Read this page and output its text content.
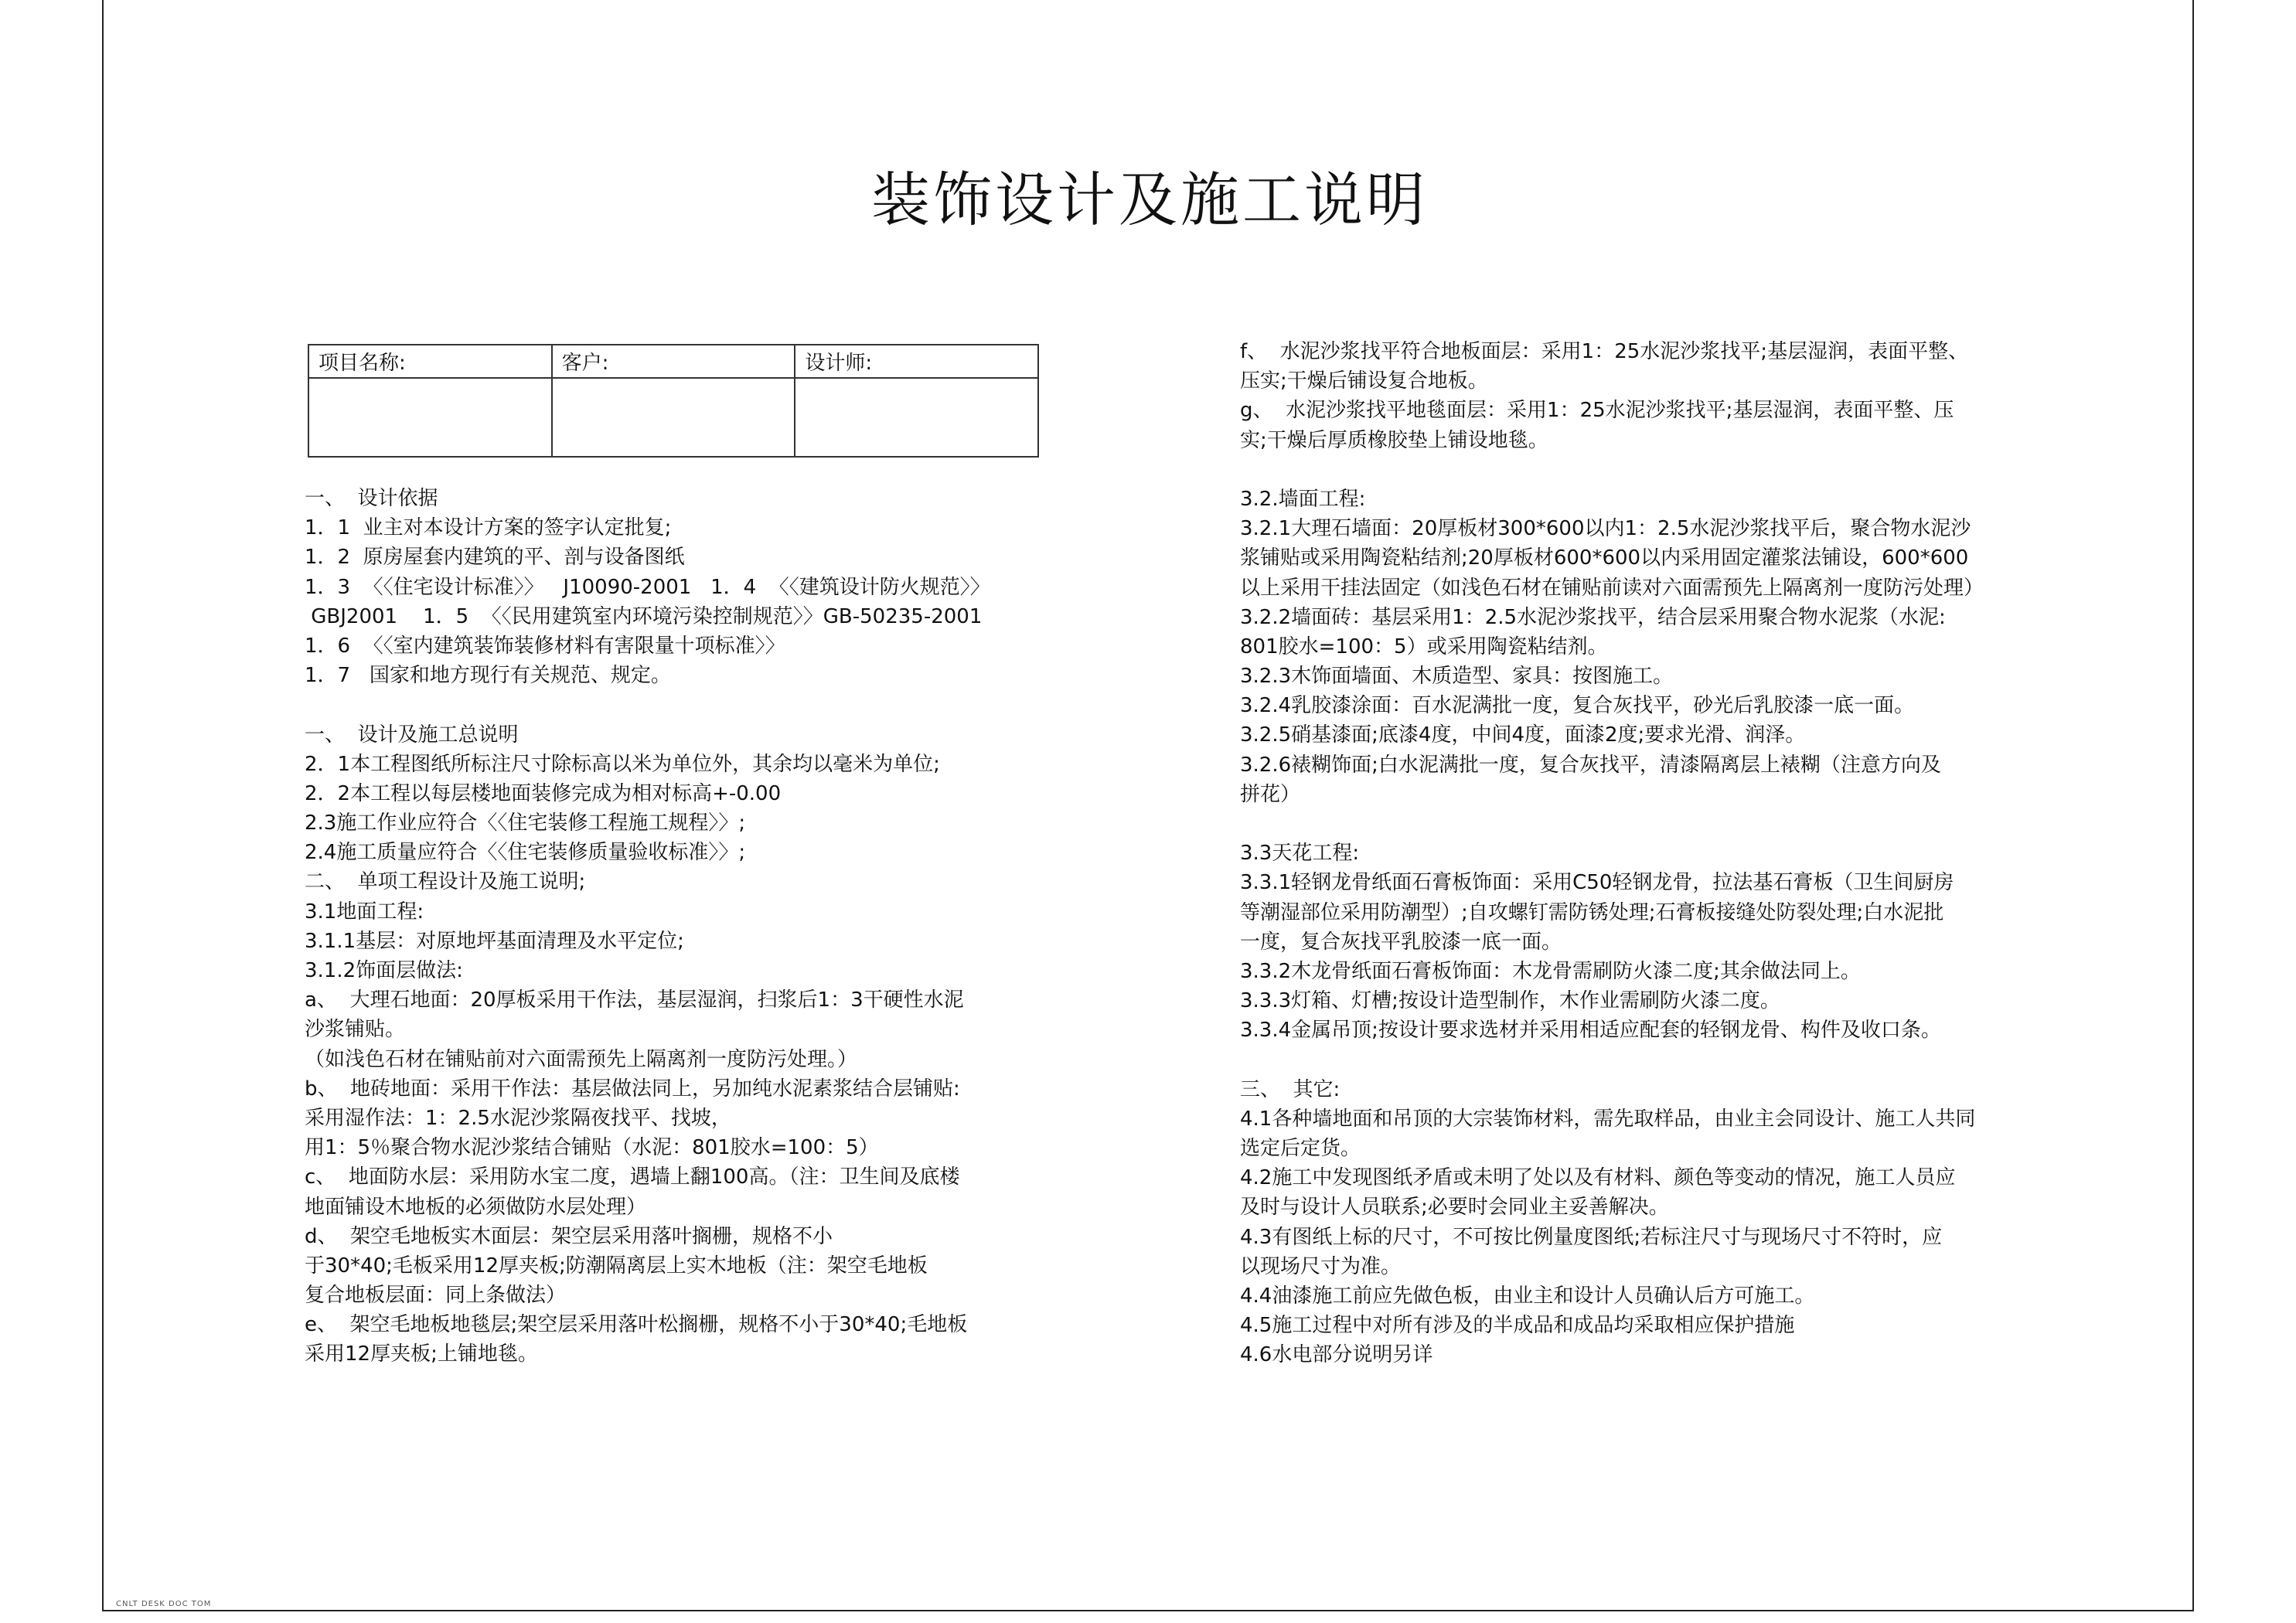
装饰设计及施工说明
项目名称:	客户:	设计师:

一、  设计依据
1．1  业主对本设计方案的签字认定批复;
1．2  原房屋套内建筑的平、剖与设备图纸
1．3  〈〈住宅设计标准〉〉   J10090-2001   1．4  〈〈建筑设计防火规范〉〉
GBJ2001    1．5  〈〈民用建筑室内环境污染控制规范〉〉GB-50235-2001
1．6  〈〈室内建筑装饰装修材料有害限量十项标准〉〉
1．7   国家和地方现行有关规范、规定。
一、  设计及施工总说明
2．1本工程图纸所标注尺寸除标高以米为单位外，其余均以毫米为单位;
2．2本工程以每层楼地面装修完成为相对标高+-0.00
2.3施工作业应符合〈〈住宅装修工程施工规程〉〉;
2.4施工质量应符合〈〈住宅装修质量验收标准〉〉;
二、  单项工程设计及施工说明;
3.1地面工程:
3.1.1基层：对原地坪基面清理及水平定位;
3.1.2饰面层做法:
a、  大理石地面：20厚板采用干作法，基层湿润，扫浆后1：3干硬性水泥
沙浆铺贴。
（如浅色石材在铺贴前对六面需预先上隔离剂一度防污处理。）
b、  地砖地面：采用干作法：基层做法同上，另加纯水泥素浆结合层铺贴:
采用湿作法：1：2.5水泥沙浆隔夜找平、找坡，
用1：5％聚合物水泥沙浆结合铺贴（水泥：801胶水=100：5）
c、  地面防水层：采用防水宝二度，遇墙上翻100高。（注：卫生间及底楼
地面铺设木地板的必须做防水层处理）
d、  架空毛地板实木面层：架空层采用落叶搁栅，规格不小
于30*40;毛板采用12厚夹板;防潮隔离层上实木地板（注：架空毛地板
复合地板层面：同上条做法）
e、  架空毛地板地毯层;架空层采用落叶松搁栅，规格不小于30*40;毛地板
采用12厚夹板;上铺地毯。
f、  水泥沙浆找平符合地板面层：采用1：25水泥沙浆找平;基层湿润，表面平整、
压实;干燥后铺设复合地板。
g、  水泥沙浆找平地毯面层：采用1：25水泥沙浆找平;基层湿润，表面平整、压
实;干燥后厚质橡胶垫上铺设地毯。
3.2.墙面工程:
3.2.1大理石墙面：20厚板材300*600以内1：2.5水泥沙浆找平后，聚合物水泥沙
浆铺贴或采用陶瓷粘结剂;20厚板材600*600以内采用固定灌浆法铺设，600*600
以上采用干挂法固定（如浅色石材在铺贴前读对六面需预先上隔离剂一度防污处理）
3.2.2墙面砖：基层采用1：2.5水泥沙浆找平，结合层采用聚合物水泥浆（水泥:
801胶水=100：5）或采用陶瓷粘结剂。
3.2.3木饰面墙面、木质造型、家具：按图施工。
3.2.4乳胶漆涂面：百水泥满批一度，复合灰找平，砂光后乳胶漆一底一面。
3.2.5硝基漆面;底漆4度，中间4度，面漆2度;要求光滑、润泽。
3.2.6裱糊饰面;白水泥满批一度，复合灰找平，清漆隔离层上裱糊（注意方向及
拼花）
3.3天花工程:
3.3.1轻钢龙骨纸面石膏板饰面：采用C50轻钢龙骨，拉法基石膏板（卫生间厨房
等潮湿部位采用防潮型）;自攻螺钉需防锈处理;石膏板接缝处防裂处理;白水泥批
一度，复合灰找平乳胶漆一底一面。
3.3.2木龙骨纸面石膏板饰面：木龙骨需刷防火漆二度;其余做法同上。
3.3.3灯箱、灯槽;按设计造型制作，木作业需刷防火漆二度。
3.3.4金属吊顶;按设计要求选材并采用相适应配套的轻钢龙骨、构件及收口条。
三、  其它:
4.1各种墙地面和吊顶的大宗装饰材料，需先取样品，由业主会同设计、施工人共同
选定后定货。
4.2施工中发现图纸矛盾或未明了处以及有材料、颜色等变动的情况，施工人员应
及时与设计人员联系;必要时会同业主妥善解决。
4.3有图纸上标的尺寸，不可按比例量度图纸;若标注尺寸与现场尺寸不符时，应
以现场尺寸为准。
4.4油漆施工前应先做色板，由业主和设计人员确认后方可施工。
4.5施工过程中对所有涉及的半成品和成品均采取相应保护措施
4.6水电部分说明另详
CNLT DESK DOC TOM
